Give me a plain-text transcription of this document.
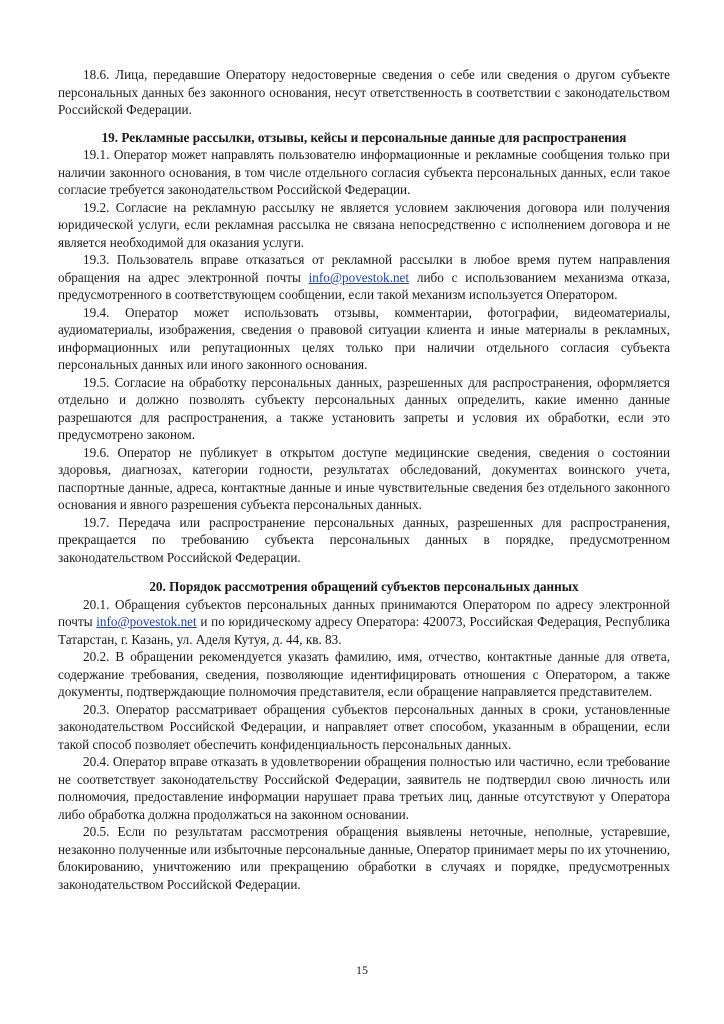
18.6. Лица, передавшие Оператору недостоверные сведения о себе или сведения о другом субъекте персональных данных без законного основания, несут ответственность в соответствии с законодательством Российской Федерации.

19. Рекламные рассылки, отзывы, кейсы и персональные данные для распространения

19.1. Оператор может направлять пользователю информационные и рекламные сообщения только при наличии законного основания, в том числе отдельного согласия субъекта персональных данных, если такое согласие требуется законодательством Российской Федерации.

19.2. Согласие на рекламную рассылку не является условием заключения договора или получения юридической услуги, если рекламная рассылка не связана непосредственно с исполнением договора и не является необходимой для оказания услуги.

19.3. Пользователь вправе отказаться от рекламной рассылки в любое время путем направления обращения на адрес электронной почты info@povestok.net либо с использованием механизма отказа, предусмотренного в соответствующем сообщении, если такой механизм используется Оператором.

19.4. Оператор может использовать отзывы, комментарии, фотографии, видеоматериалы, аудиоматериалы, изображения, сведения о правовой ситуации клиента и иные материалы в рекламных, информационных или репутационных целях только при наличии отдельного согласия субъекта персональных данных или иного законного основания.

19.5. Согласие на обработку персональных данных, разрешенных для распространения, оформляется отдельно и должно позволять субъекту персональных данных определить, какие именно данные разрешаются для распространения, а также установить запреты и условия их обработки, если это предусмотрено законом.

19.6. Оператор не публикует в открытом доступе медицинские сведения, сведения о состоянии здоровья, диагнозах, категории годности, результатах обследований, документах воинского учета, паспортные данные, адреса, контактные данные и иные чувствительные сведения без отдельного законного основания и явного разрешения субъекта персональных данных.

19.7. Передача или распространение персональных данных, разрешенных для распространения, прекращается по требованию субъекта персональных данных в порядке, предусмотренном законодательством Российской Федерации.

20. Порядок рассмотрения обращений субъектов персональных данных

20.1. Обращения субъектов персональных данных принимаются Оператором по адресу электронной почты info@povestok.net и по юридическому адресу Оператора: 420073, Российская Федерация, Республика Татарстан, г. Казань, ул. Аделя Кутуя, д. 44, кв. 83.

20.2. В обращении рекомендуется указать фамилию, имя, отчество, контактные данные для ответа, содержание требования, сведения, позволяющие идентифицировать отношения с Оператором, а также документы, подтверждающие полномочия представителя, если обращение направляется представителем.

20.3. Оператор рассматривает обращения субъектов персональных данных в сроки, установленные законодательством Российской Федерации, и направляет ответ способом, указанным в обращении, если такой способ позволяет обеспечить конфиденциальность персональных данных.

20.4. Оператор вправе отказать в удовлетворении обращения полностью или частично, если требование не соответствует законодательству Российской Федерации, заявитель не подтвердил свою личность или полномочия, предоставление информации нарушает права третьих лиц, данные отсутствуют у Оператора либо обработка должна продолжаться на законном основании.

20.5. Если по результатам рассмотрения обращения выявлены неточные, неполные, устаревшие, незаконно полученные или избыточные персональные данные, Оператор принимает меры по их уточнению, блокированию, уничтожению или прекращению обработки в случаях и порядке, предусмотренных законодательством Российской Федерации.

15
